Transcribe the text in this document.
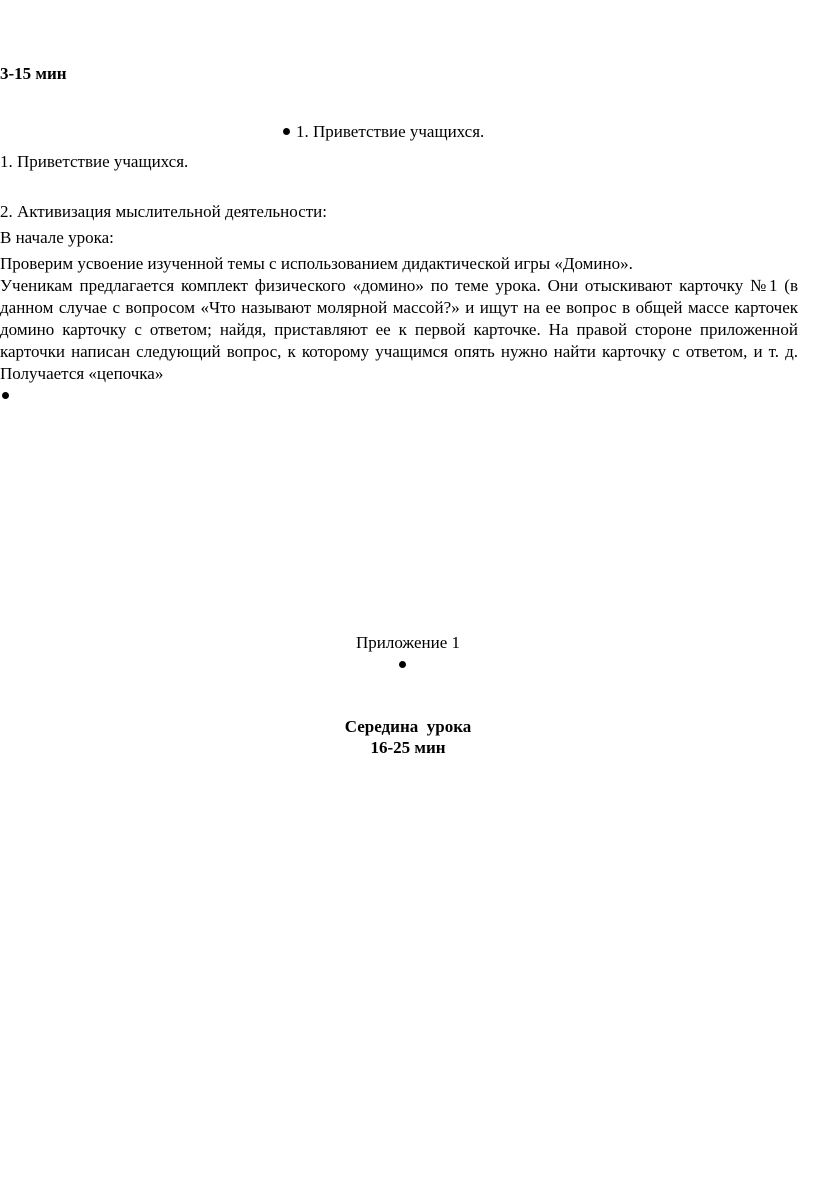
3-15 мин
1. Приветствие учащихся.
1. Приветствие учащихся.
2. Активизация мыслительной деятельности:
В начале урока:
Проверим усвоение изученной темы с использованием дидактической игры «Домино».

Ученикам предлагается комплект физического «домино» по теме урока. Они отыскивают карточку №1 (в данном случае с вопросом «Что называют молярной массой?» и ищут на ее вопрос в общей массе карточек домино карточку с ответом; найдя, приставляют ее к первой карточке. На правой стороне приложенной карточки написан следующий вопрос, к которому учащимся опять нужно найти карточку с ответом, и т. д. Получается «цепочка»

Приложение 1
Середина  урока
16-25 мин
